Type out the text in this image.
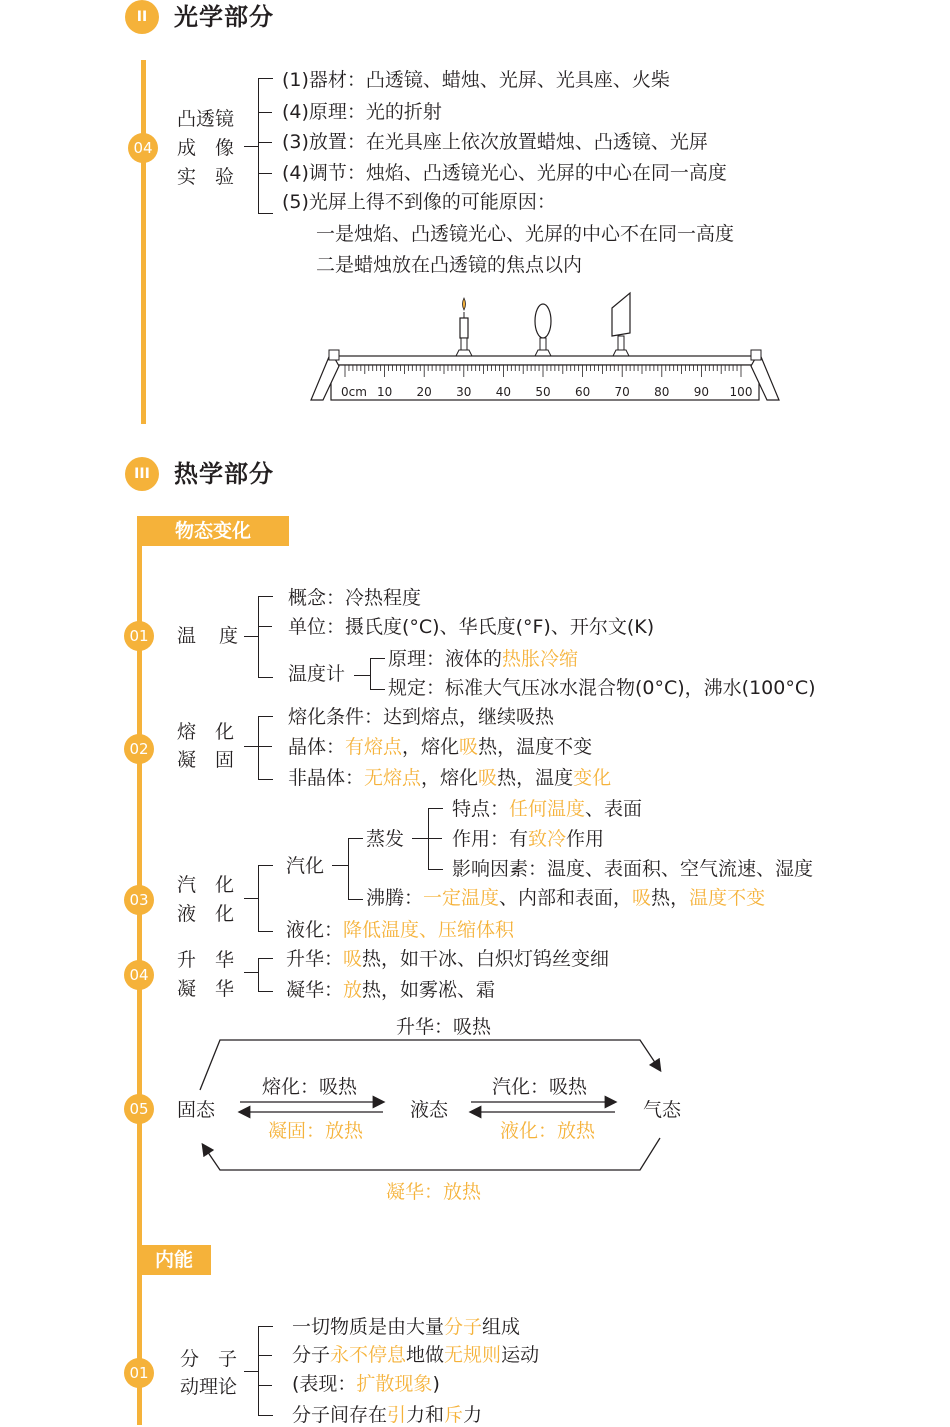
II	光学部分
04
凸透镜
成　像
实　验
(1)器材：凸透镜、蜡烛、光屏、光具座、火柴
(4)原理：光的折射
(3)放置：在光具座上依次放置蜡烛、凸透镜、光屏
(4)调节：烛焰、凸透镜光心、光屏的中心在同一高度
(5)光屏上得不到像的可能原因：
一是烛焰、凸透镜光心、光屏的中心不在同一高度
二是蜡烛放在凸透镜的焦点以内
0cm 10 20 30 40 50 60 70 80 90 100
III	热学部分
物态变化
01 温 度
概念：冷热程度
单位：摄氏度(°C)、华氏度(°F)、开尔文(K)
温度计
原理：液体的热胀冷缩
规定：标准大气压冰水混合物(0°C)，沸水(100°C)
02
熔　化
凝　固
熔化条件：达到熔点，继续吸热
晶体：有熔点，熔化吸热，温度不变
非晶体：无熔点，熔化吸热，温度变化
03
汽　化
液　化
汽化
蒸发
特点：任何温度、表面
作用：有致冷作用
影响因素：温度、表面积、空气流速、湿度
沸腾：一定温度、内部和表面，吸热，温度不变
液化：降低温度、压缩体积
04
升　华
凝　华
升华：吸热，如干冰、白炽灯钨丝变细
凝华：放热，如雾凇、霜
05
升华：吸热
固态	液态	气态
熔化：吸热
凝固：放热
汽化：吸热
液化：放热
凝华：放热
内能
01
分　子
动理论
一切物质是由大量分子组成
分子永不停息地做无规则运动
(表现：扩散现象)
分子间存在引力和斥力
